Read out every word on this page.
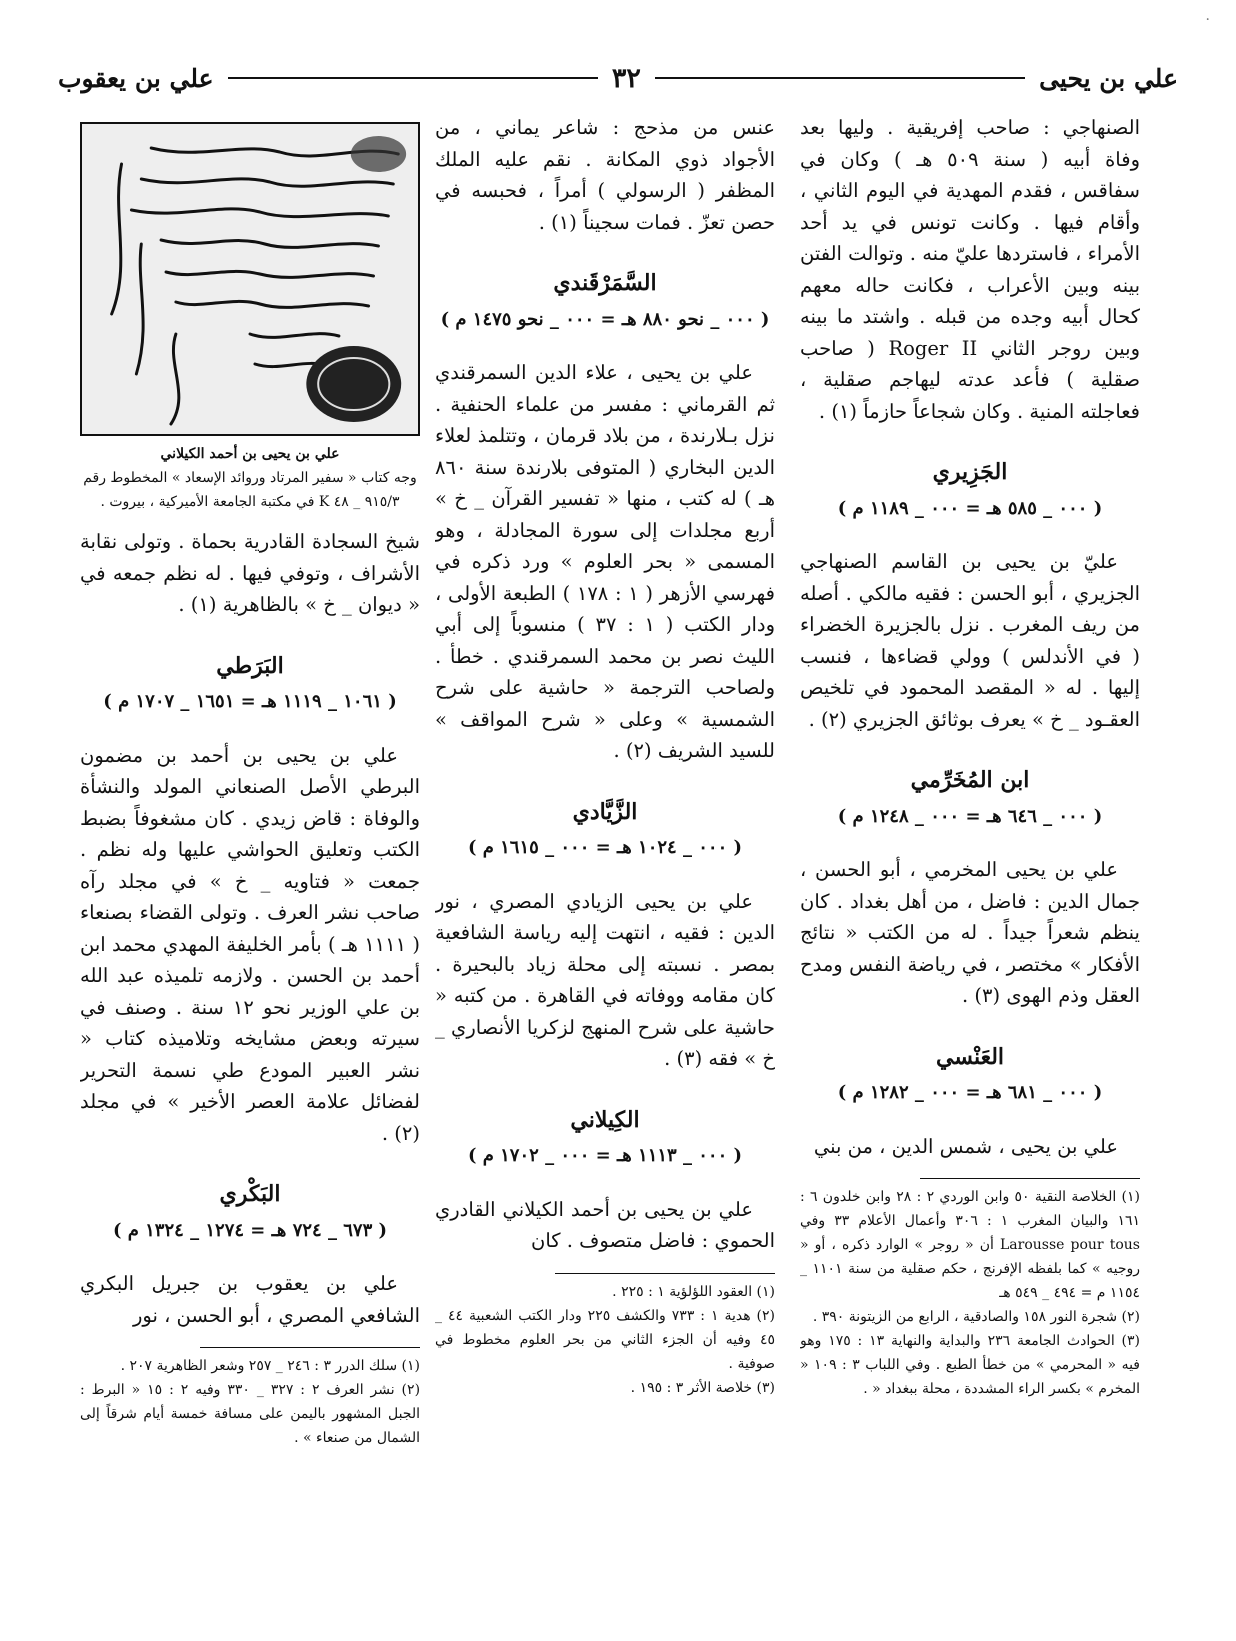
·
علي بن يحيى
٣٢
علي بن يعقوب

الصنهاجي : صاحب إفريقية . وليها بعد وفاة أبيه ( سنة ٥٠٩ هـ ) وكان في سفاقس ، فقدم المهدية في اليوم الثاني ، وأقام فيها . وكانت تونس في يد أحد الأمراء ، فاستردها عليّ منه . وتوالت الفتن بينه وبين الأعراب ، فكانت حاله معهم كحال أبيه وجده من قبله . واشتد ما بينه وبين روجر الثاني Roger II ( صاحب صقلية ) فأعد عدته ليهاجم صقلية ، فعاجلته المنية . وكان شجاعاً حازماً (١) .

الجَزِيري
( ٠٠٠ _ ٥٨٥ هـ = ٠٠٠ _ ١١٨٩ م )

عليّ بن يحيى بن القاسم الصنهاجي الجزيري ، أبو الحسن : فقيه مالكي . أصله من ريف المغرب . نزل بالجزيرة الخضراء ( في الأندلس ) وولي قضاءها ، فنسب إليها . له « المقصد المحمود في تلخيص العقـود _ خ » يعرف بوثائق الجزيري (٢) .

ابن المُخَرِّمي
( ٠٠٠ _ ٦٤٦ هـ = ٠٠٠ _ ١٢٤٨ م )

علي بن يحيى المخرمي ، أبو الحسن ، جمال الدين : فاضل ، من أهل بغداد . كان ينظم شعراً جيداً . له من الكتب « نتائج الأفكار » مختصر ، في رياضة النفس ومدح العقل وذم الهوى (٣) .

العَنْسي
( ٠٠٠ _ ٦٨١ هـ = ٠٠٠ _ ١٢٨٢ م )

علي بن يحيى ، شمس الدين ، من بني

(١) الخلاصة النقية ٥٠ وابن الوردي ٢ : ٢٨ وابن خلدون ٦ : ١٦١ والبيان المغرب ١ : ٣٠٦ وأعمال الأعلام ٣٣ وفي Larousse pour tous أن « روجر » الوارد ذكره ، أو « روجيه » كما بلفظه الإفرنج ، حكم صقلية من سنة ١١٠١ _ ١١٥٤ م = ٤٩٤ _ ٥٤٩ هـ

(٢) شجرة النور ١٥٨ والصادقية ، الرابع من الزيتونة ٣٩٠ .

(٣) الحوادث الجامعة ٢٣٦ والبداية والنهاية ١٣ : ١٧٥ وهو فيه « المحرمي » من خطأ الطبع . وفي اللباب ٣ : ١٠٩ « المخرم » بكسر الراء المشددة ، محلة ببغداد « .

عنس من مذحج : شاعر يماني ، من الأجواد ذوي المكانة . نقم عليه الملك المظفر ( الرسولي ) أمراً ، فحبسه في حصن تعزّ . فمات سجيناً (١) .

السَّمَرْقَندي
( ٠٠٠ _ نحو ٨٨٠ هـ = ٠٠٠ _ نحو ١٤٧٥ م )

علي بن يحيى ، علاء الدين السمرقندي ثم القرماني : مفسر من علماء الحنفية . نزل بـلارندة ، من بلاد قرمان ، وتتلمذ لعلاء الدين البخاري ( المتوفى بلارندة سنة ٨٦٠ هـ ) له كتب ، منها « تفسير القرآن _ خ » أربع مجلدات إلى سورة المجادلة ، وهو المسمى « بحر العلوم » ورد ذكره في فهرسي الأزهر ( ١ : ١٧٨ ) الطبعة الأولى ، ودار الكتب ( ١ : ٣٧ ) منسوباً إلى أبي الليث نصر بن محمد السمرقندي . خطأ . ولصاحب الترجمة « حاشية على شرح الشمسية » وعلى « شرح المواقف » للسيد الشريف (٢) .

الزَّيَّادي
( ٠٠٠ _ ١٠٢٤ هـ = ٠٠٠ _ ١٦١٥ م )

علي بن يحيى الزيادي المصري ، نور الدين : فقيه ، انتهت إليه رياسة الشافعية بمصر . نسبته إلى محلة زياد بالبحيرة . كان مقامه ووفاته في القاهرة . من كتبه « حاشية على شرح المنهج لزكريا الأنصاري _ خ » فقه (٣) .

الكِيلاني
( ٠٠٠ _ ١١١٣ هـ = ٠٠٠ _ ١٧٠٢ م )

علي بن يحيى بن أحمد الكيلاني القادري الحموي : فاضل متصوف . كان

(١) العقود اللؤلؤية ١ : ٢٢٥ .

(٢) هدية ١ : ٧٣٣ والكشف ٢٢٥ ودار الكتب الشعبية ٤٤ _ ٤٥ وفيه أن الجزء الثاني من بحر العلوم مخطوط في صوفية .

(٣) خلاصة الأثر ٣ : ١٩٥ .

علي بن يحيى بن أحمد الكيلاني
وجه كتاب « سفير المرتاد وروائد الإسعاد » المخطوط رقم ٩١٥/٣ _ ٤٨ K في مكتبة الجامعة الأميركية ، بيروت .

شيخ السجادة القادرية بحماة . وتولى نقابة الأشراف ، وتوفي فيها . له نظم جمعه في « ديوان _ خ » بالظاهرية (١) .

البَرَطي
( ١٠٦١ _ ١١١٩ هـ = ١٦٥١ _ ١٧٠٧ م )

علي بن يحيى بن أحمد بن مضمون البرطي الأصل الصنعاني المولد والنشأة والوفاة : قاض زيدي . كان مشغوفاً بضبط الكتب وتعليق الحواشي عليها وله نظم . جمعت « فتاويه _ خ » في مجلد رآه صاحب نشر العرف . وتولى القضاء بصنعاء ( ١١١١ هـ ) بأمر الخليفة المهدي محمد ابن أحمد بن الحسن . ولازمه تلميذه عبد الله بن علي الوزير نحو ١٢ سنة . وصنف في سيرته وبعض مشايخه وتلاميذه كتاب « نشر العبير المودع طي نسمة التحرير لفضائل علامة العصر الأخير » في مجلد (٢) .

البَكْري
( ٦٧٣ _ ٧٢٤ هـ = ١٢٧٤ _ ١٣٢٤ م )

علي بن يعقوب بن جبريل البكري الشافعي المصري ، أبو الحسن ، نور

(١) سلك الدرر ٣ : ٢٤٦ _ ٢٥٧ وشعر الظاهرية ٢٠٧ .

(٢) نشر العرف ٢ : ٣٢٧ _ ٣٣٠ وفيه ٢ : ١٥ « البرط : الجبل المشهور باليمن على مسافة خمسة أيام شرقاً إلى الشمال من صنعاء » .
